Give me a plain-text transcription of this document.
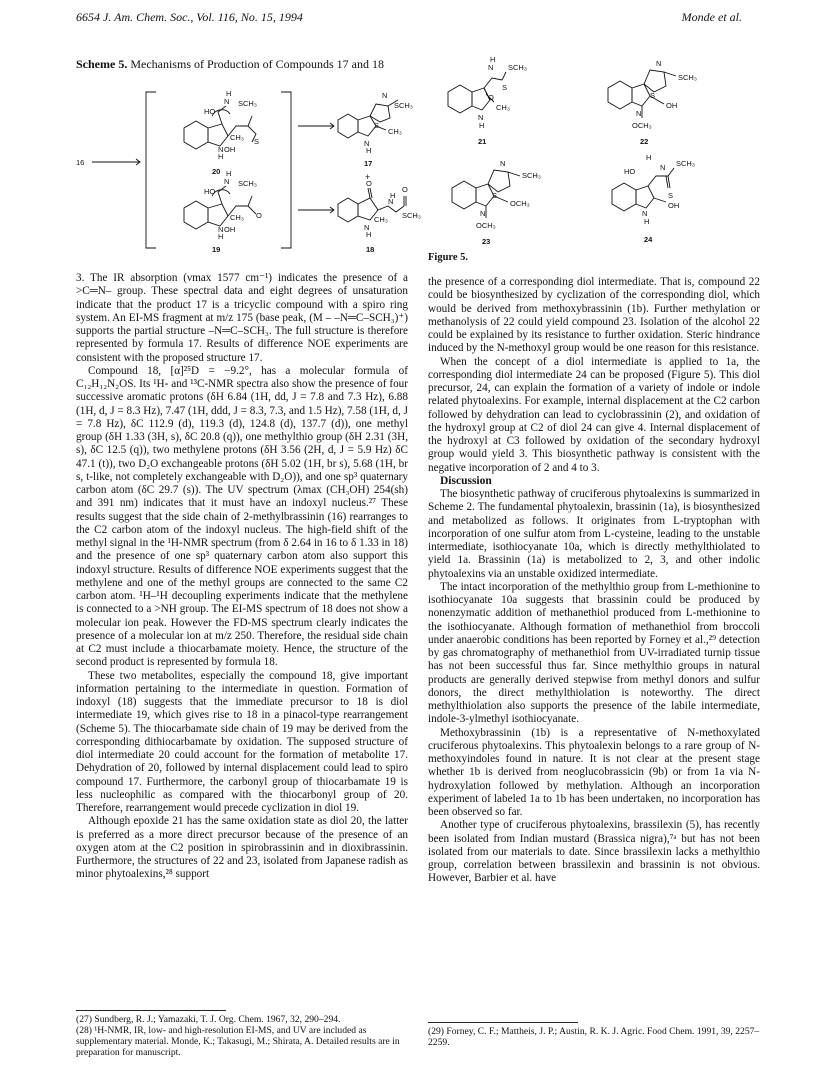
6654 J. Am. Chem. Soc., Vol. 116, No. 15, 1994	Monde et al.
Scheme 5. Mechanisms of Production of Compounds 17 and 18
16
HO
N
H
SCH₃
S
CH₃
N OH
H
20
HO
N
H
SCH₃
O
CH₃
N OH
H
19
N
SCH₃
S
CH₃
N
H
17
+
O
O
N
H
SCH₃
CH₃
N
H
18
H
N SCH₃
O
S
CH₃
N
H
21
N
SCH₃
S
OH
N
OCH₃
22
N
SCH₃
S
OCH₃
N
OCH₃
23
H
HO	N SCH₃
S
OH
N
H
24
Figure 5.

3. The IR absorption (νmax 1577 cm⁻¹) indicates the presence of a >C═N– group. These spectral data and eight degrees of unsaturation indicate that the product 17 is a tricyclic compound with a spiro ring system. An EI-MS fragment at m/z 175 (base peak, (M – –N═C–SCH₃)⁺) supports the partial structure –N═C–SCH₃. The full structure is therefore represented by formula 17. Results of difference NOE experiments are consistent with the proposed structure 17.

Compound 18, [α]²⁵D = −9.2°, has a molecular formula of C₁₂H₁₂N₂OS. Its ¹H- and ¹³C-NMR spectra also show the presence of four successive aromatic protons (δH 6.84 (1H, dd, J = 7.8 and 7.3 Hz), 6.88 (1H, d, J = 8.3 Hz), 7.47 (1H, ddd, J = 8.3, 7.3, and 1.5 Hz), 7.58 (1H, d, J = 7.8 Hz), δC 112.9 (d), 119.3 (d), 124.8 (d), 137.7 (d)), one methyl group (δH 1.33 (3H, s), δC 20.8 (q)), one methylthio group (δH 2.31 (3H, s), δC 12.5 (q)), two methylene protons (δH 3.56 (2H, d, J = 5.9 Hz) δC 47.1 (t)), two D₂O exchangeable protons (δH 5.02 (1H, br s), 5.68 (1H, br s, t-like, not completely exchangeable with D₂O)), and one sp³ quaternary carbon atom (δC 29.7 (s)). The UV spectrum (λmax (CH₃OH) 254(sh) and 391 nm) indicates that it must have an indoxyl nucleus.²⁷ These results suggest that the side chain of 2-methylbrassinin (16) rearranges to the C2 carbon atom of the indoxyl nucleus. The high-field shift of the methyl signal in the ¹H-NMR spectrum (from δ 2.64 in 16 to δ 1.33 in 18) and the presence of one sp³ quaternary carbon atom also support this indoxyl structure. Results of difference NOE experiments suggest that the methylene and one of the methyl groups are connected to the same C2 carbon atom. ¹H–¹H decoupling experiments indicate that the methylene is connected to a >NH group. The EI-MS spectrum of 18 does not show a molecular ion peak. However the FD-MS spectrum clearly indicates the presence of a molecular ion at m/z 250. Therefore, the residual side chain at C2 must include a thiocarbamate moiety. Hence, the structure of the second product is represented by formula 18.

These two metabolites, especially the compound 18, give important information pertaining to the intermediate in question. Formation of indoxyl (18) suggests that the immediate precursor to 18 is diol intermediate 19, which gives rise to 18 in a pinacol-type rearrangement (Scheme 5). The thiocarbamate side chain of 19 may be derived from the corresponding dithiocarbamate by oxidation. The supposed structure of diol intermediate 20 could account for the formation of metabolite 17. Dehydration of 20, followed by internal displacement could lead to spiro compound 17. Furthermore, the carbonyl group of thiocarbamate 19 is less nucleophilic as compared with the thiocarbonyl group of 20. Therefore, rearrangement would precede cyclization in diol 19.

Although epoxide 21 has the same oxidation state as diol 20, the latter is preferred as a more direct precursor because of the presence of an oxygen atom at the C2 position in spirobrassinin and in dioxibrassinin. Furthermore, the structures of 22 and 23, isolated from Japanese radish as minor phytoalexins,²⁸ support

(27) Sundberg, R. J.; Yamazaki, T. J. Org. Chem. 1967, 32, 290–294.

(28) ¹H-NMR, IR, low- and high-resolution EI-MS, and UV are included as supplementary material. Monde, K.; Takasugi, M.; Shirata, A. Detailed results are in preparation for manuscript.

the presence of a corresponding diol intermediate. That is, compound 22 could be biosynthesized by cyclization of the corresponding diol, which would be derived from methoxybrassinin (1b). Further methylation or methanolysis of 22 could yield compound 23. Isolation of the alcohol 22 could be explained by its resistance to further oxidation. Steric hindrance induced by the N-methoxyl group would be one reason for this resistance.

When the concept of a diol intermediate is applied to 1a, the corresponding diol intermediate 24 can be proposed (Figure 5). This diol precursor, 24, can explain the formation of a variety of indole or indole related phytoalexins. For example, internal displacement at the C2 carbon followed by dehydration can lead to cyclobrassinin (2), and oxidation of the hydroxyl group at C2 of diol 24 can give 4. Internal displacement of the hydroxyl at C3 followed by oxidation of the secondary hydroxyl group would yield 3. This biosynthetic pathway is consistent with the negative incorporation of 2 and 4 to 3.

Discussion

The biosynthetic pathway of cruciferous phytoalexins is summarized in Scheme 2. The fundamental phytoalexin, brassinin (1a), is biosynthesized and metabolized as follows. It originates from L-tryptophan with incorporation of one sulfur atom from L-cysteine, leading to the unstable intermediate, isothiocyanate 10a, which is directly methylthiolated to yield 1a. Brassinin (1a) is metabolized to 2, 3, and other indolic phytoalexins via an unstable oxidized intermediate.

The intact incorporation of the methylthio group from L-methionine to isothiocyanate 10a suggests that brassinin could be produced by nonenzymatic addition of methanethiol produced from L-methionine to the isothiocyanate. Although formation of methanethiol from broccoli under anaerobic conditions has been reported by Forney et al.,²⁹ detection by gas chromatography of methanethiol from UV-irradiated turnip tissue has not been successful thus far. Since methylthio groups in natural products are generally derived stepwise from methyl donors and sulfur donors, the direct methylthiolation is noteworthy. The direct methylthiolation also supports the presence of the labile intermediate, indole-3-ylmethyl isothiocyanate.

Methoxybrassinin (1b) is a representative of N-methoxylated cruciferous phytoalexins. This phytoalexin belongs to a rare group of N-methoxyindoles found in nature. It is not clear at the present stage whether 1b is derived from neoglucobrassicin (9b) or from 1a via N-hydroxylation followed by methylation. Although an incorporation experiment of labeled 1a to 1b has been undertaken, no incorporation has been observed so far.

Another type of cruciferous phytoalexins, brassilexin (5), has recently been isolated from Indian mustard (Brassica nigra),⁷ᵃ but has not been isolated from our materials to date. Since brassilexin lacks a methylthio group, correlation between brassilexin and brassinin is not obvious. However, Barbier et al. have

(29) Forney, C. F.; Mattheis, J. P.; Austin, R. K. J. Agric. Food Chem. 1991, 39, 2257–2259.
